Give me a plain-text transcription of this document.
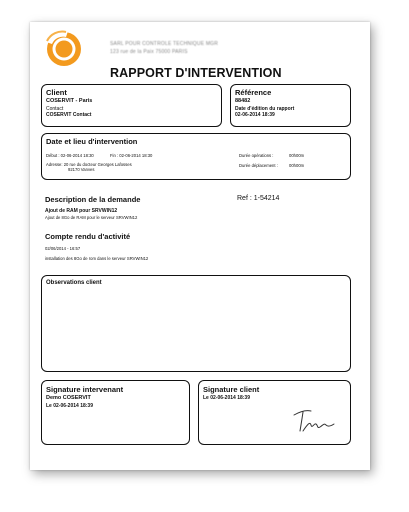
SARL POUR CONTROLE TECHNIQUE MGR
123 rue de la Paix 75000 PARIS
RAPPORT D'INTERVENTION
Client
COSERVIT - Paris
Contact
COSERVIT Contact
Référence
88482
Date d'édition du rapport
02-06-2014 18:39
Date et lieu d'intervention
Début : 02-06-2014 18:30	Fin : 02-06-2014 18:30
Adresse: 20 rue du docteur Georges Lafosses
92170 Vanves
Durée opérations :	00h00m
Durée déplacement :	00h00m
Description de la demande	Ref : 1-54214
Ajout de RAM pour SRVWIN12
Ajout de 8Go de RAM pour le serveur SRVWIN12
Compte rendu d'activité
02/06/2014 - 16:57
installation des 8Go de rom dans le serveur SRVWIN12
Observations client
Signature intervenant
Demo COSERVIT
Le 02-06-2014 18:39
Signature client
Le 02-06-2014 18:39
